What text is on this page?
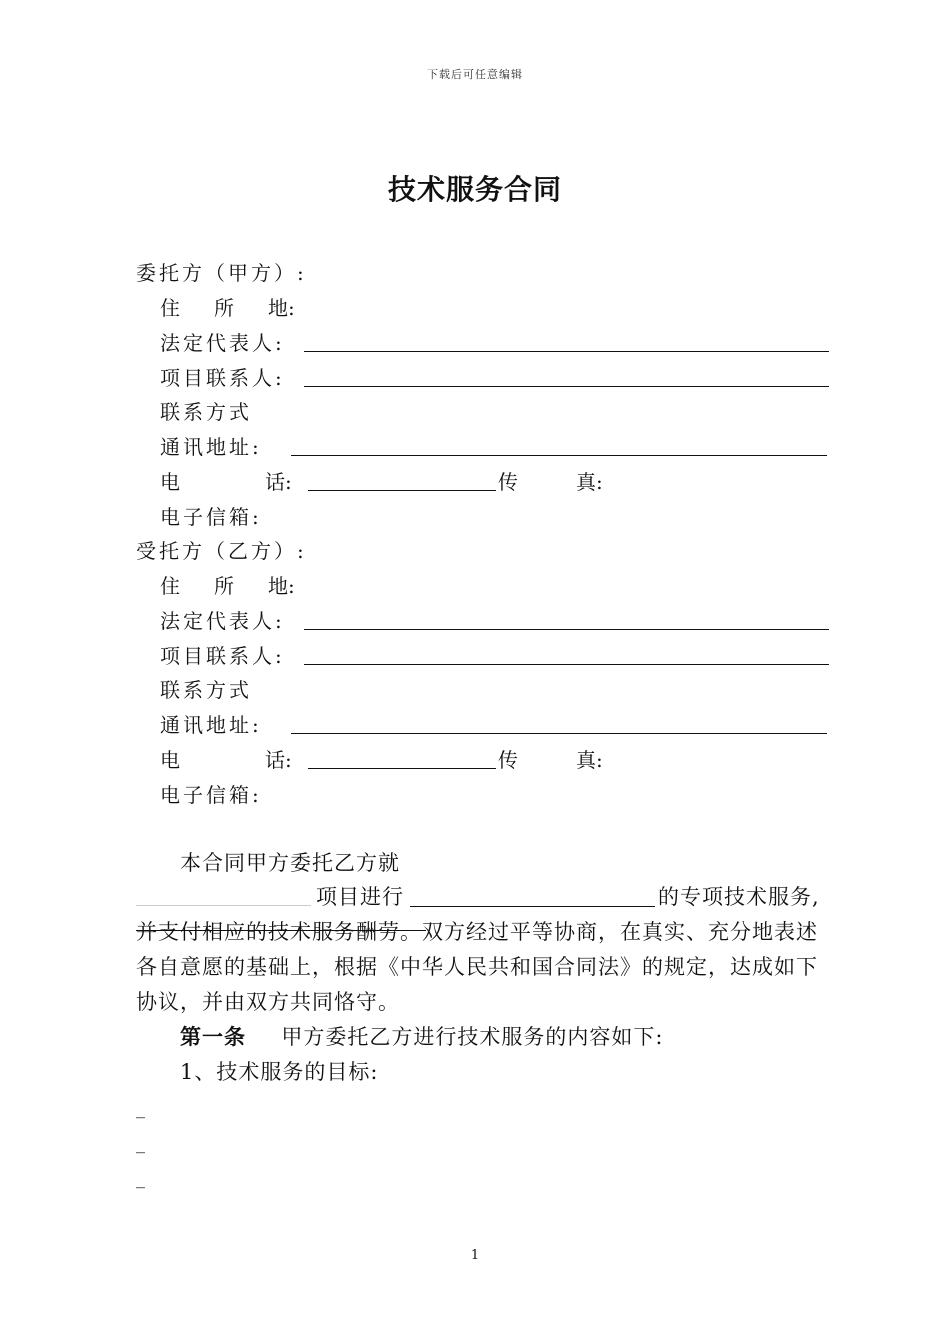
下载后可任意编辑
技术服务合同
委托方（甲方）:
住 所 地 :
法定代表人:
项目联系人:
联系方式
通讯地址:
电	话 :	传	真 :
电子信箱:
受托方（乙方）:
住 所 地 :
法定代表人:
项目联系人:
联系方式
通讯地址:
电	话 :	传	真 :
电子信箱:
本合同甲方委托乙方就
项目进行	的专项技术服务,
并支付相应的技术服务酬劳。双方经过平等协商，在真实、充分地表述
各自意愿的基础上，根据《中华人民共和国合同法》的规定，达成如下
协议，并由双方共同恪守。
第一条 甲方委托乙方进行技术服务的内容如下:
1、技术服务的目标:
_
_
_
1
